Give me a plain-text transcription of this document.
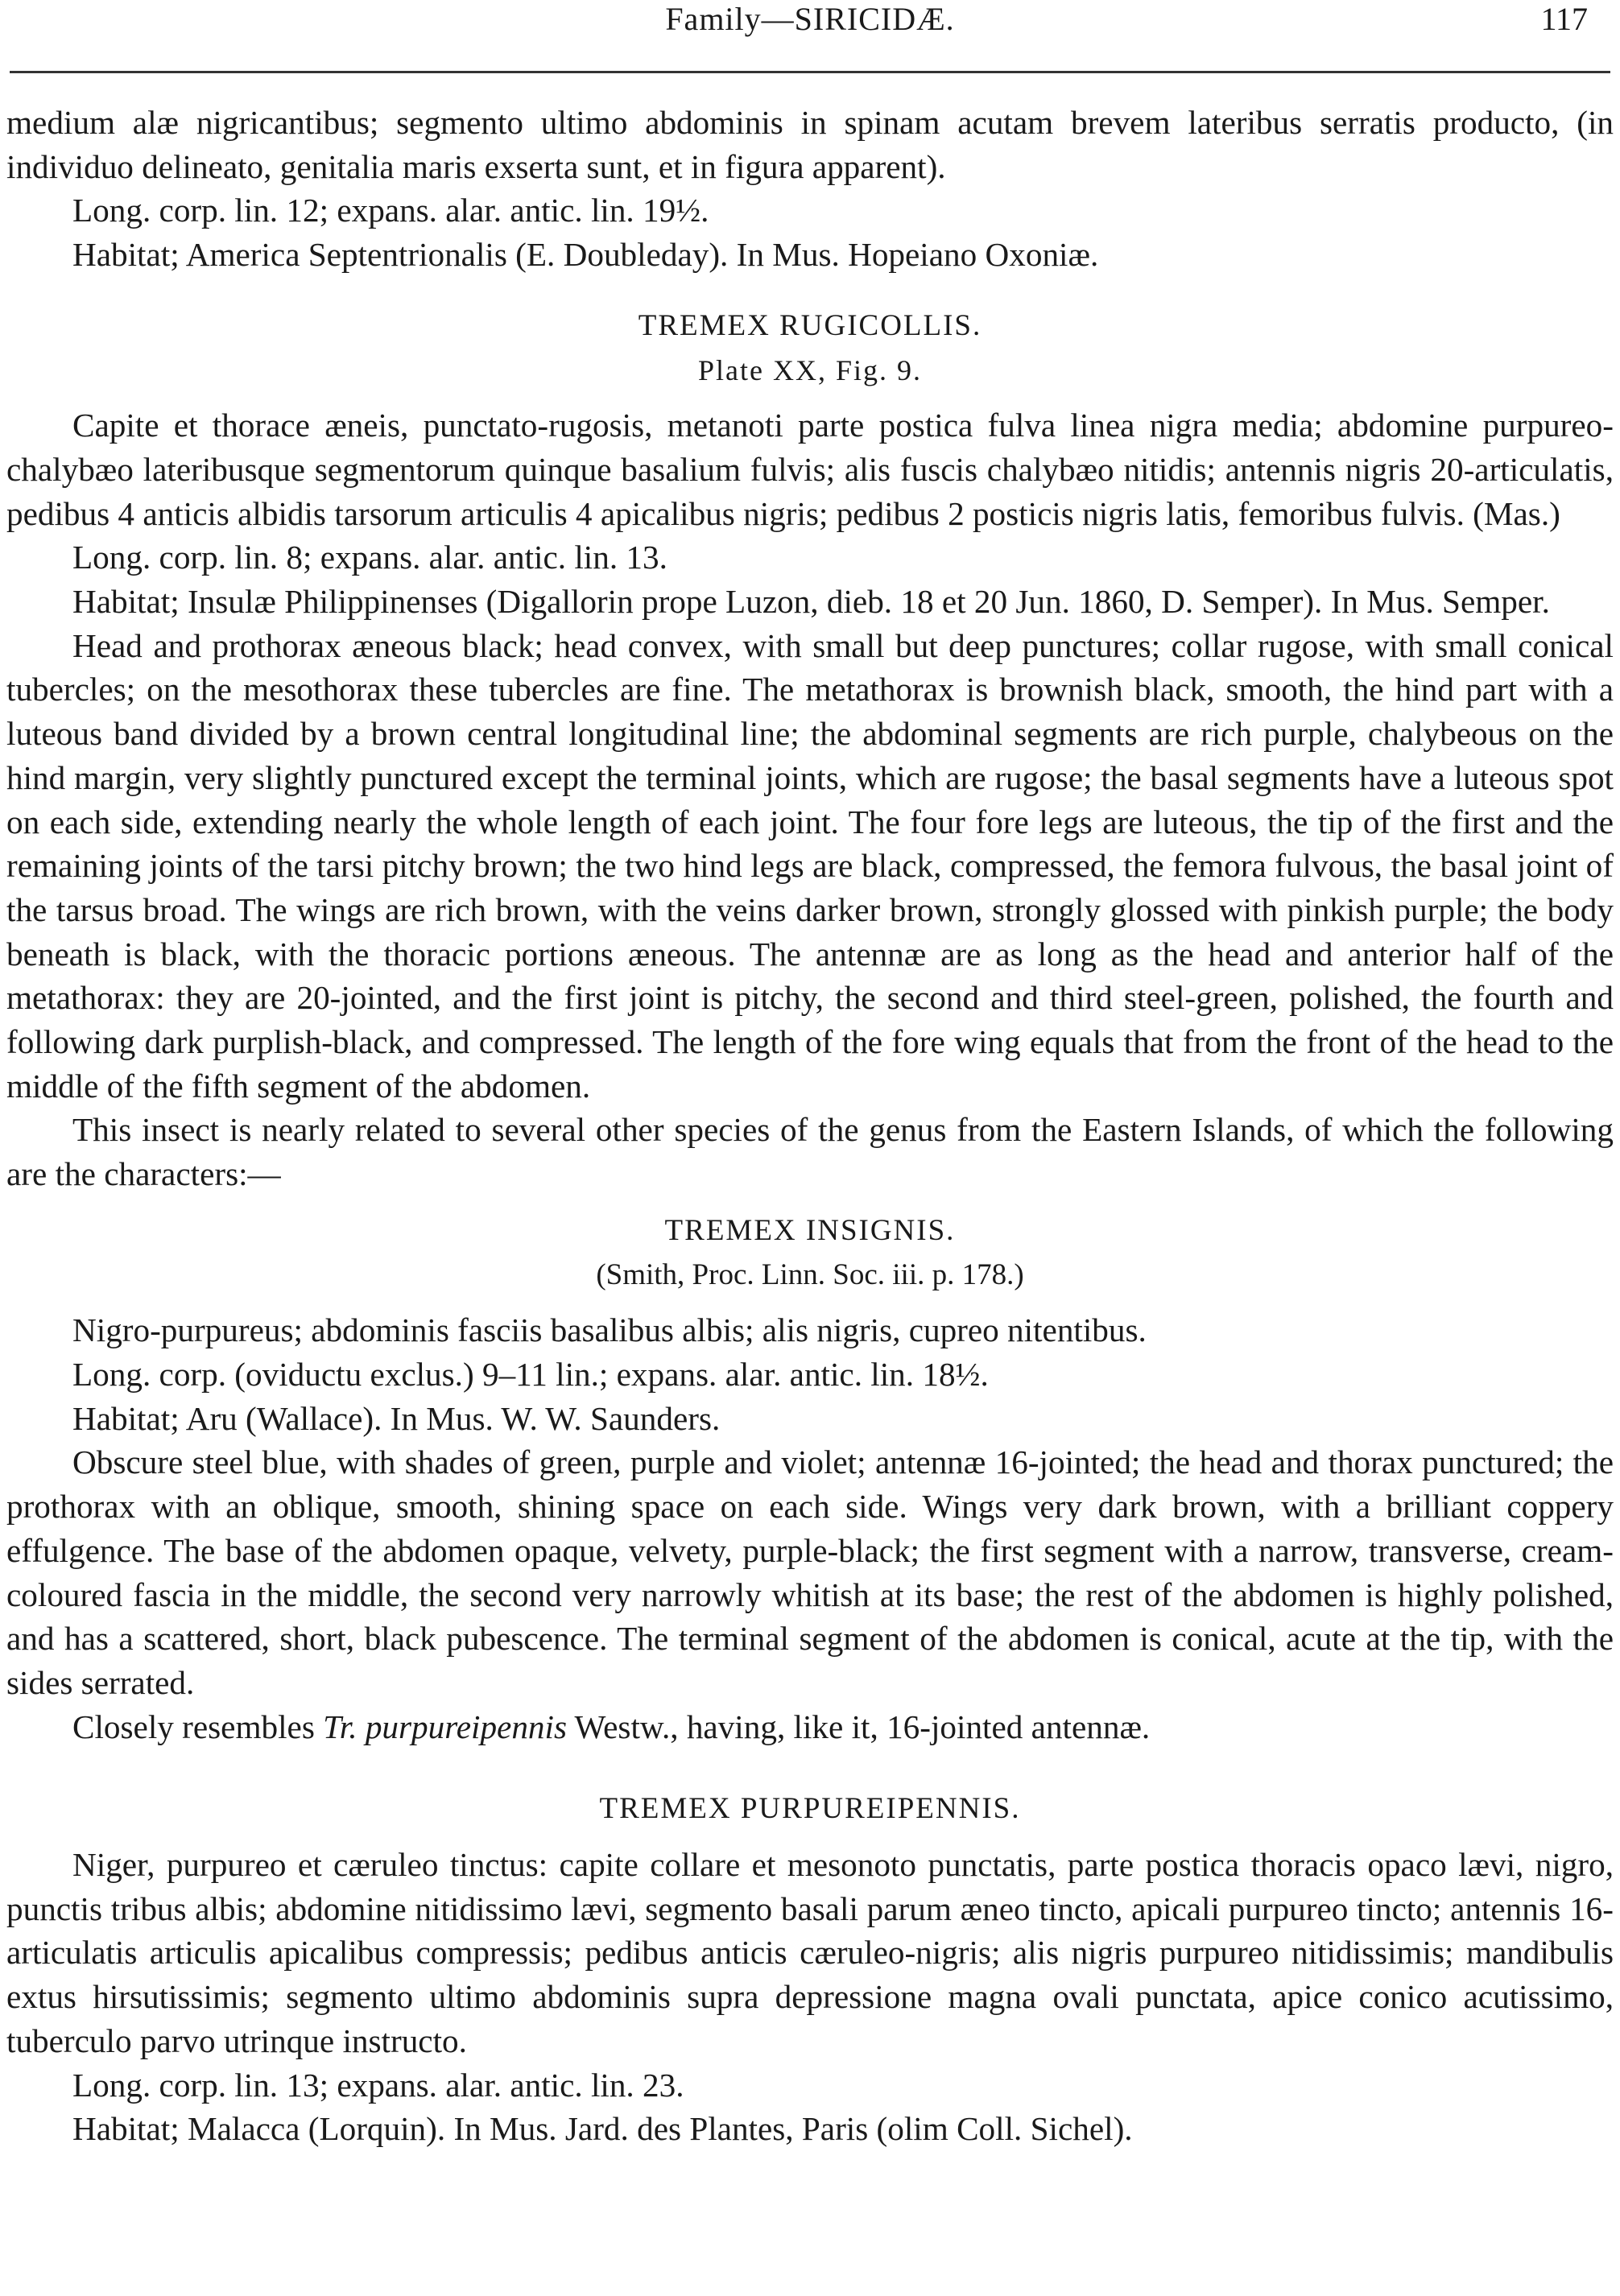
Family—SIRICIDÆ.	117

medium alæ nigricantibus; segmento ultimo abdominis in spinam acutam brevem lateribus serratis producto, (in individuo delineato, genitalia maris exserta sunt, et in figura apparent).

Long. corp. lin. 12; expans. alar. antic. lin. 19½.

Habitat; America Septentrionalis (E. Doubleday). In Mus. Hopeiano Oxoniæ.

TREMEX RUGICOLLIS.
Plate XX, Fig. 9.

Capite et thorace æneis, punctato-rugosis, metanoti parte postica fulva linea nigra media; abdomine purpureo-chalybæo lateribusque segmentorum quinque basalium fulvis; alis fuscis chalybæo nitidis; antennis nigris 20-articulatis, pedibus 4 anticis albidis tarsorum articulis 4 apicalibus nigris; pedibus 2 posticis nigris latis, femoribus fulvis. (Mas.)

Long. corp. lin. 8; expans. alar. antic. lin. 13.

Habitat; Insulæ Philippinenses (Digallorin prope Luzon, dieb. 18 et 20 Jun. 1860, D. Semper). In Mus. Semper.

Head and prothorax æneous black; head convex, with small but deep punctures; collar rugose, with small conical tubercles; on the mesothorax these tubercles are fine. The metathorax is brownish black, smooth, the hind part with a luteous band divided by a brown central longitudinal line; the abdominal segments are rich purple, chalybeous on the hind margin, very slightly punctured except the terminal joints, which are rugose; the basal segments have a luteous spot on each side, extending nearly the whole length of each joint. The four fore legs are luteous, the tip of the first and the remaining joints of the tarsi pitchy brown; the two hind legs are black, compressed, the femora fulvous, the basal joint of the tarsus broad. The wings are rich brown, with the veins darker brown, strongly glossed with pinkish purple; the body beneath is black, with the thoracic portions æneous. The antennæ are as long as the head and anterior half of the metathorax: they are 20-jointed, and the first joint is pitchy, the second and third steel-green, polished, the fourth and following dark purplish-black, and compressed. The length of the fore wing equals that from the front of the head to the middle of the fifth segment of the abdomen.

This insect is nearly related to several other species of the genus from the Eastern Islands, of which the following are the characters:—

TREMEX INSIGNIS.
(Smith, Proc. Linn. Soc. iii. p. 178.)

Nigro-purpureus; abdominis fasciis basalibus albis; alis nigris, cupreo nitentibus.

Long. corp. (oviductu exclus.) 9–11 lin.; expans. alar. antic. lin. 18½.

Habitat; Aru (Wallace). In Mus. W. W. Saunders.

Obscure steel blue, with shades of green, purple and violet; antennæ 16-jointed; the head and thorax punctured; the prothorax with an oblique, smooth, shining space on each side. Wings very dark brown, with a brilliant coppery effulgence. The base of the abdomen opaque, velvety, purple-black; the first segment with a narrow, transverse, cream-coloured fascia in the middle, the second very narrowly whitish at its base; the rest of the abdomen is highly polished, and has a scattered, short, black pubescence. The terminal segment of the abdomen is conical, acute at the tip, with the sides serrated.

Closely resembles Tr. purpureipennis Westw., having, like it, 16-jointed antennæ.

TREMEX PURPUREIPENNIS.

Niger, purpureo et cæruleo tinctus: capite collare et mesonoto punctatis, parte postica thoracis opaco lævi, nigro, punctis tribus albis; abdomine nitidissimo lævi, segmento basali parum æneo tincto, apicali purpureo tincto; antennis 16-articulatis articulis apicalibus compressis; pedibus anticis cæruleo-nigris; alis nigris purpureo nitidissimis; mandibulis extus hirsutissimis; segmento ultimo abdominis supra depressione magna ovali punctata, apice conico acutissimo, tuberculo parvo utrinque instructo.

Long. corp. lin. 13; expans. alar. antic. lin. 23.

Habitat; Malacca (Lorquin). In Mus. Jard. des Plantes, Paris (olim Coll. Sichel).
